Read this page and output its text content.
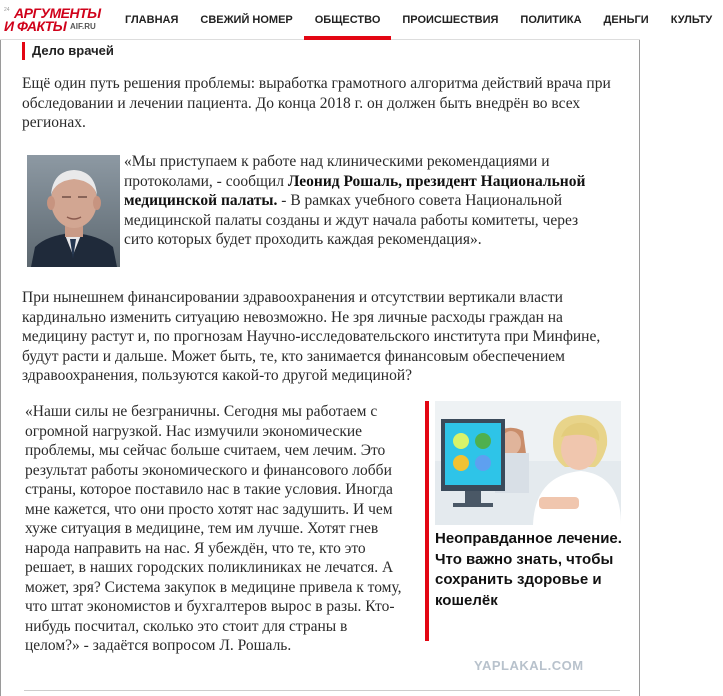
24 АРГУМЕНТЫ
И ФАКТЫ AIF.RU
ГЛАВНАЯ	СВЕЖИЙ НОМЕР	ОБЩЕСТВО	ПРОИСШЕСТВИЯ	ПОЛИТИКА	ДЕНЬГИ	КУЛЬТУ
Дело врачей

Ещё один путь решения проблемы: выработка грамотного алгоритма действий врача при обследовании и лечении пациента. До конца 2018 г. он должен быть внедрён во всех регионах.

«Мы приступаем к работе над клиническими рекомендациями и протоколами, - сообщил Леонид Рошаль, президент Национальной медицинской палаты. - В рамках учебного совета Национальной медицинской палаты созданы и ждут начала работы комитеты, через сито которых будет проходить каждая рекомендация».

При нынешнем финансировании здравоохранения и отсутствии вертикали власти кардинально изменить ситуацию невозможно. Не зря личные расходы граждан на медицину растут и, по прогнозам Научно-исследовательского института при Минфине, будут расти и дальше. Может быть, те, кто занимается финансовым обеспечением здравоохранения, пользуются какой-то другой медициной?

«Наши силы не безграничны. Сегодня мы работаем с огромной нагрузкой. Нас измучили экономические проблемы, мы сейчас больше считаем, чем лечим. Это результат работы экономического и финансового лобби страны, которое поставило нас в такие условия. Иногда мне кажется, что они просто хотят нас задушить. И чем хуже ситуация в медицине, тем им лучше. Хотят гнев народа направить на нас. Я убеждён, что те, кто это решает, в наших городских поликлиниках не лечатся. А может, зря? Система закупок в медицине привела к тому, что штат экономистов и бухгалтеров вырос в разы. Кто-нибудь посчитал, сколько это стоит для страны в целом?» - задаётся вопросом Л. Рошаль.

Неоправданное лечение. Что важно знать, чтобы сохранить здоровье и кошелёк
YAPLAKAL.COM
